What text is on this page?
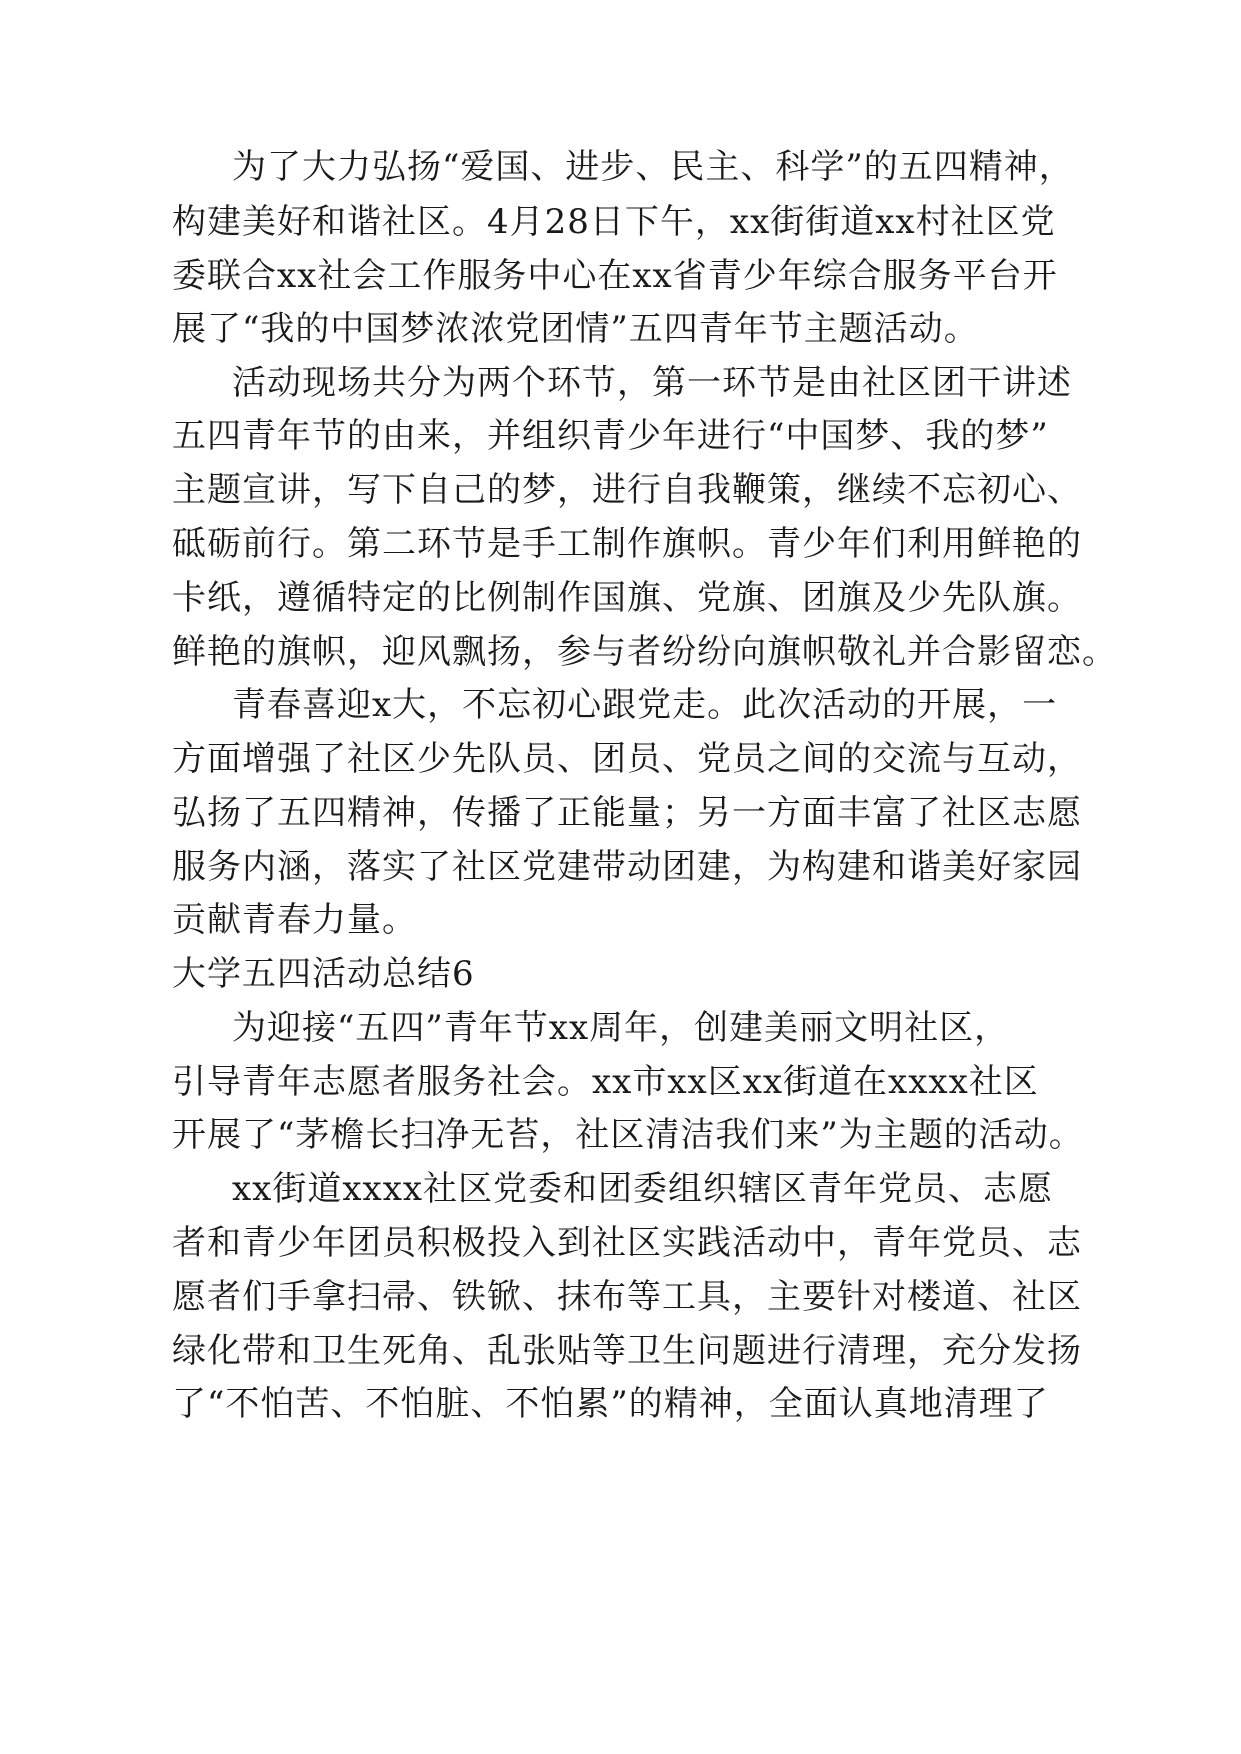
为了大力弘扬“爱国、进步、民主、科学”的五四精神，
构建美好和谐社区。4月28日下午，xx街街道xx村社区党
委联合xx社会工作服务中心在xx省青少年综合服务平台开
展了“我的中国梦浓浓党团情”五四青年节主题活动。
活动现场共分为两个环节，第一环节是由社区团干讲述
五四青年节的由来，并组织青少年进行“中国梦、我的梦”
主题宣讲，写下自己的梦，进行自我鞭策，继续不忘初心、
砥砺前行。第二环节是手工制作旗帜。青少年们利用鲜艳的
卡纸，遵循特定的比例制作国旗、党旗、团旗及少先队旗。
鲜艳的旗帜，迎风飘扬，参与者纷纷向旗帜敬礼并合影留恋。
青春喜迎x大，不忘初心跟党走。此次活动的开展，一
方面增强了社区少先队员、团员、党员之间的交流与互动，
弘扬了五四精神，传播了正能量；另一方面丰富了社区志愿
服务内涵，落实了社区党建带动团建，为构建和谐美好家园
贡献青春力量。
大学五四活动总结6
为迎接“五四”青年节xx周年，创建美丽文明社区，
引导青年志愿者服务社会。xx市xx区xx街道在xxxx社区
开展了“茅檐长扫净无苔，社区清洁我们来”为主题的活动。
xx街道xxxx社区党委和团委组织辖区青年党员、志愿
者和青少年团员积极投入到社区实践活动中，青年党员、志
愿者们手拿扫帚、铁锨、抹布等工具，主要针对楼道、社区
绿化带和卫生死角、乱张贴等卫生问题进行清理，充分发扬
了“不怕苦、不怕脏、不怕累”的精神，全面认真地清理了
